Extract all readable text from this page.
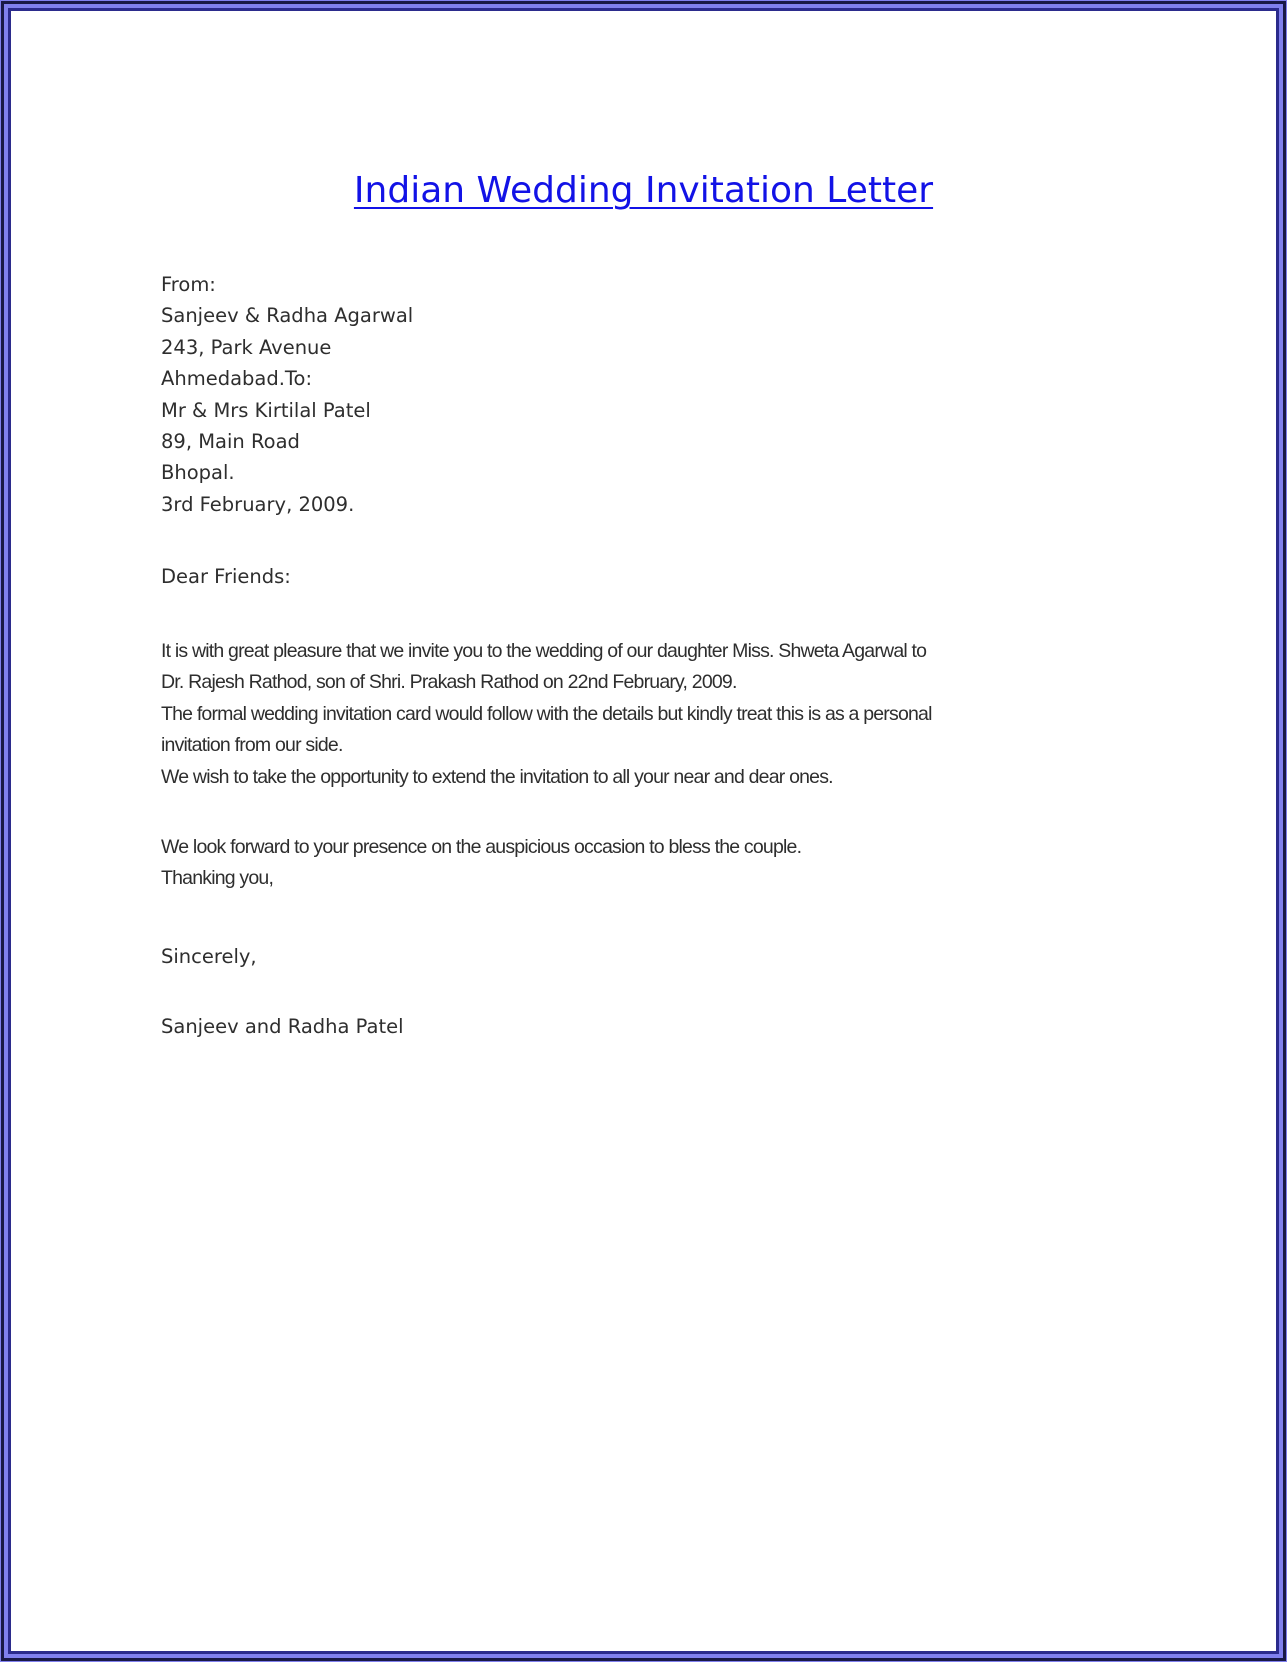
Indian Wedding Invitation Letter
From:
Sanjeev & Radha Agarwal
243, Park Avenue
Ahmedabad.To:
Mr & Mrs Kirtilal Patel
89, Main Road
Bhopal.
3rd February, 2009.
Dear Friends:
It is with great pleasure that we invite you to the wedding of our daughter Miss. Shweta Agarwal to
Dr. Rajesh Rathod, son of Shri. Prakash Rathod on 22nd February, 2009.
The formal wedding invitation card would follow with the details but kindly treat this is as a personal
invitation from our side.
We wish to take the opportunity to extend the invitation to all your near and dear ones.
We look forward to your presence on the auspicious occasion to bless the couple.
Thanking you,
Sincerely,
Sanjeev and Radha Patel
